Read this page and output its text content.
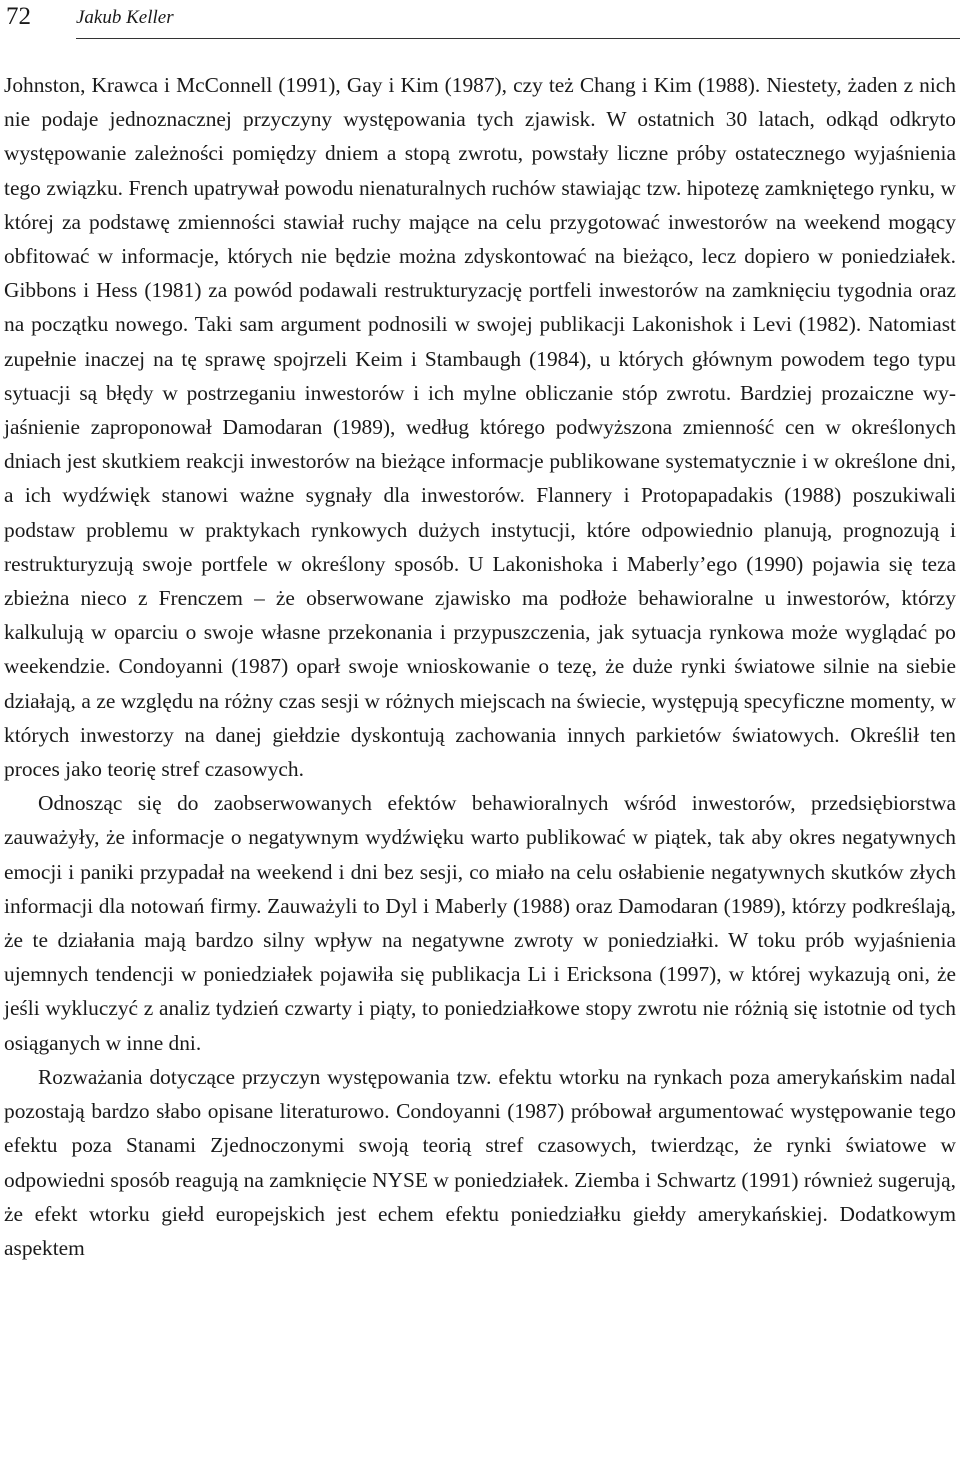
72 Jakub Keller

Johnston, Krawca i McConnell (1991), Gay i Kim (1987), czy też Chang i Kim (1988). Niestety, żaden z nich nie podaje jednoznacznej przyczyny występowania tych zjawisk. W ostatnich 30 latach, odkąd odkryto występowanie zależności pomiędzy dniem a stopą zwrotu, powstały liczne próby ostatecznego wyjaśnienia tego związku. French upatrywał powodu nienaturalnych ruchów stawiając tzw. hipotezę zamkniętego rynku, w której za podstawę zmienności stawiał ruchy mające na celu przygotować inwestorów na weekend mogący obfitować w informacje, których nie będzie można zdyskontować na bieżąco, lecz dopiero w poniedziałek. Gibbons i Hess (1981) za powód podawali restrukturyzację portfeli inwestorów na zamknięciu tygodnia oraz na początku nowego. Taki sam argument podnosili w swojej publikacji Lakonishok i Levi (1982). Natomiast zupełnie inaczej na tę sprawę spojrzeli Keim i Stambaugh (1984), u których głównym powodem tego typu sytuacji są błędy w postrzeganiu inwestorów i ich mylne obliczanie stóp zwrotu. Bardziej prozaiczne wyjaśnienie zaproponował Damodaran (1989), według którego podwyższona zmienność cen w określonych dniach jest skutkiem reakcji inwestorów na bieżące informacje publikowane systematycznie i w określone dni, a ich wydźwięk stanowi ważne sygnały dla inwestorów. Flannery i Protopapadakis (1988) poszukiwali podstaw problemu w praktykach rynkowych dużych instytucji, które odpowiednio planują, prognozują i restrukturyzują swoje portfele w określony sposób. U Lakonishoka i Maberly’ego (1990) pojawia się teza zbieżna nieco z Frenczem – że obserwowane zjawisko ma podłoże behawioralne u inwestorów, którzy kalkulują w oparciu o swoje własne przekonania i przypuszczenia, jak sytuacja rynkowa może wyglądać po weekendzie. Condoyanni (1987) oparł swoje wnioskowanie o tezę, że duże rynki światowe silnie na siebie działają, a ze względu na różny czas sesji w różnych miejscach na świecie, występują specyficzne momenty, w których inwestorzy na danej giełdzie dyskontują zachowania innych parkietów światowych. Określił ten proces jako teorię stref czasowych.

Odnosząc się do zaobserwowanych efektów behawioralnych wśród inwestorów, przedsiębiorstwa zauważyły, że informacje o negatywnym wydźwięku warto publikować w piątek, tak aby okres negatywnych emocji i paniki przypadał na weekend i dni bez sesji, co miało na celu osłabienie negatywnych skutków złych informacji dla notowań firmy. Zauważyli to Dyl i Maberly (1988) oraz Damodaran (1989), którzy podkreślają, że te działania mają bardzo silny wpływ na negatywne zwroty w poniedziałki. W toku prób wyjaśnienia ujemnych tendencji w poniedziałek pojawiła się publikacja Li i Ericksona (1997), w której wykazują oni, że jeśli wykluczyć z analiz tydzień czwarty i piąty, to poniedziałkowe stopy zwrotu nie różnią się istotnie od tych osiąganych w inne dni.

Rozważania dotyczące przyczyn występowania tzw. efektu wtorku na rynkach poza amerykańskim nadal pozostają bardzo słabo opisane literaturowo. Condoyanni (1987) próbował argumentować występowanie tego efektu poza Stanami Zjednoczonymi swoją teorią stref czasowych, twierdząc, że rynki światowe w odpowiedni sposób reagują na zamknięcie NYSE w poniedziałek. Ziemba i Schwartz (1991) również sugerują, że efekt wtorku giełd europejskich jest echem efektu poniedziałku giełdy amerykańskiej. Dodatkowym aspektem
